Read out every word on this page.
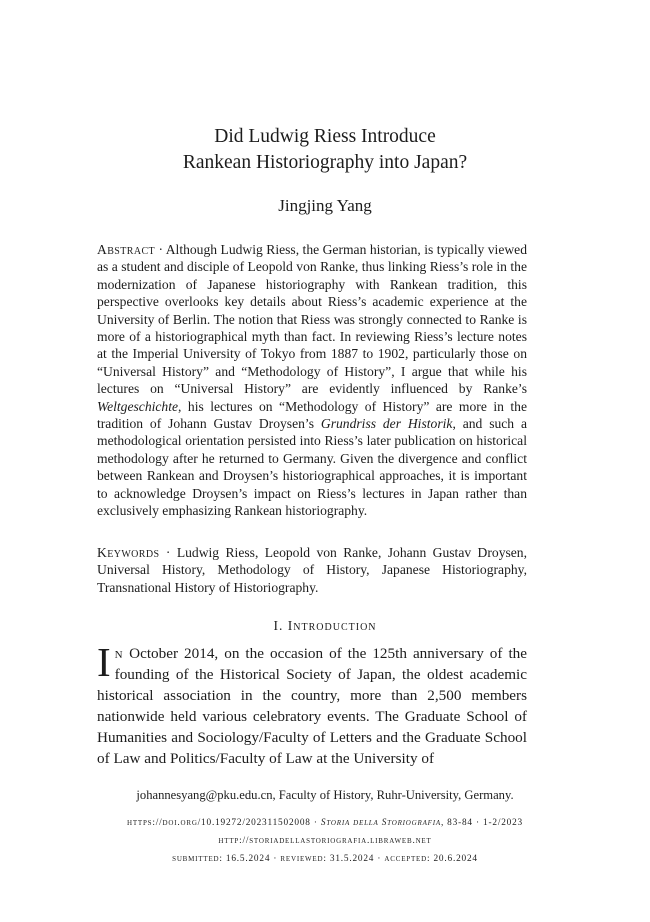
Did Ludwig Riess Introduce
Rankean Historiography into Japan?
Jingjing Yang
Abstract · Although Ludwig Riess, the German historian, is typically viewed as a student and disciple of Leopold von Ranke, thus linking Riess’s role in the modernization of Japanese historiography with Rankean tradition, this perspective overlooks key details about Riess’s academic experience at the University of Berlin. The notion that Riess was strongly connected to Ranke is more of a historiographical myth than fact. In reviewing Riess’s lecture notes at the Imperial University of Tokyo from 1887 to 1902, particularly those on “Universal History” and “Methodology of History”, I argue that while his lectures on “Universal History” are evidently influenced by Ranke’s Weltgeschichte, his lectures on “Methodology of History” are more in the tradition of Johann Gustav Droysen’s Grundriss der Historik, and such a methodological orientation persisted into Riess’s later publication on historical methodology after he returned to Germany. Given the divergence and conflict between Rankean and Droysen’s historiographical approaches, it is important to acknowledge Droysen’s impact on Riess’s lectures in Japan rather than exclusively emphasizing Rankean historiography.
Keywords · Ludwig Riess, Leopold von Ranke, Johann Gustav Droysen, Universal History, Methodology of History, Japanese Historiography, Transnational History of Historiography.
I. Introduction
In October 2014, on the occasion of the 125th anniversary of the founding of the Historical Society of Japan, the oldest academic historical association in the country, more than 2,500 members nationwide held various celebratory events. The Graduate School of Humanities and Sociology/Faculty of Letters and the Graduate School of Law and Politics/Faculty of Law at the University of
johannesyang@pku.edu.cn, Faculty of History, Ruhr-University, Germany.
https://doi.org/10.19272/202311502008 · Storia della Storiografia, 83-84 · 1-2/2023
http://storiadellastoriografia.libraweb.net
submitted: 16.5.2024 · reviewed: 31.5.2024 · accepted: 20.6.2024
